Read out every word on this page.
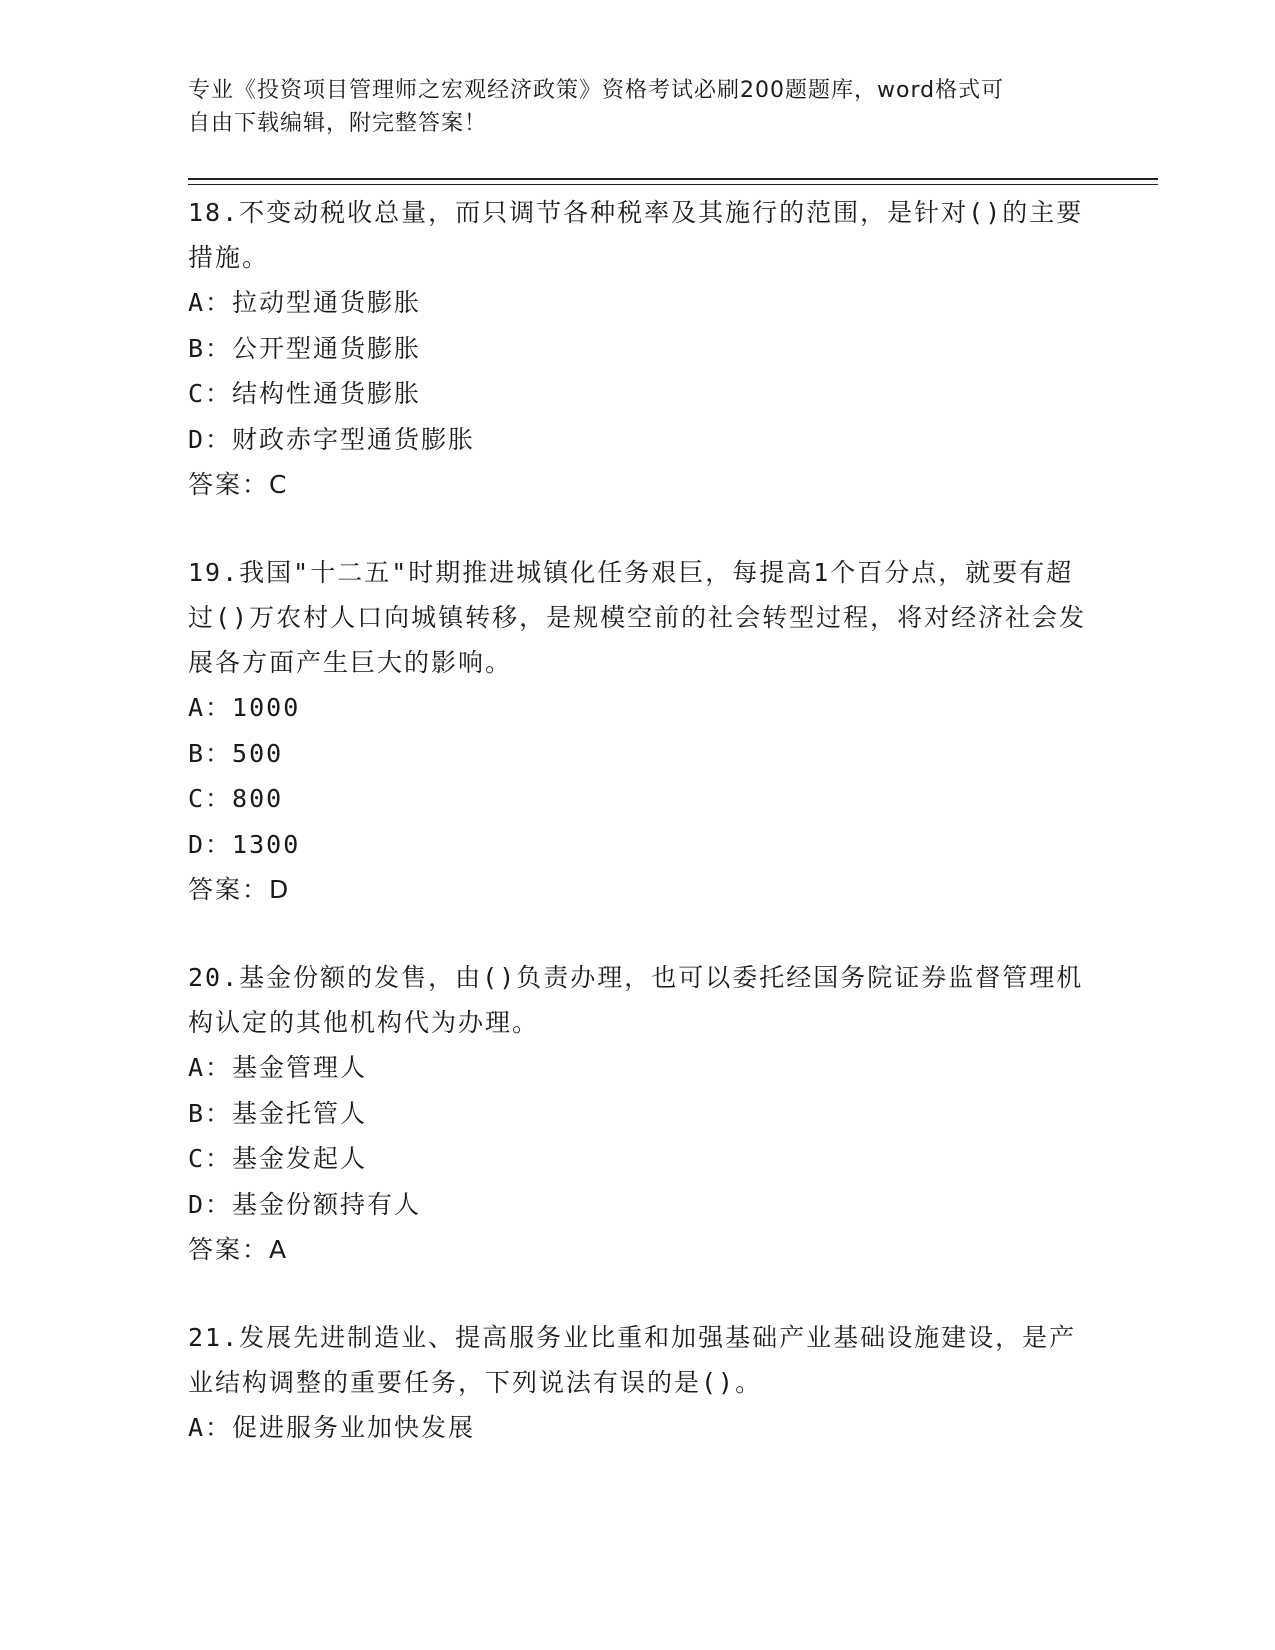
专业《投资项目管理师之宏观经济政策》资格考试必刷200题题库，word格式可
自由下载编辑，附完整答案！
18.不变动税收总量，而只调节各种税率及其施行的范围，是针对()的主要措施。
A：拉动型通货膨胀
B：公开型通货膨胀
C：结构性通货膨胀
D：财政赤字型通货膨胀
答案：C
19.我国"十二五"时期推进城镇化任务艰巨，每提高1个百分点，就要有超过()万农村人口向城镇转移，是规模空前的社会转型过程，将对经济社会发展各方面产生巨大的影响。
A：1000
B：500
C：800
D：1300
答案：D
20.基金份额的发售，由()负责办理，也可以委托经国务院证券监督管理机构认定的其他机构代为办理。
A：基金管理人
B：基金托管人
C：基金发起人
D：基金份额持有人
答案：A
21.发展先进制造业、提高服务业比重和加强基础产业基础设施建设，是产业结构调整的重要任务，下列说法有误的是()。
A：促进服务业加快发展
